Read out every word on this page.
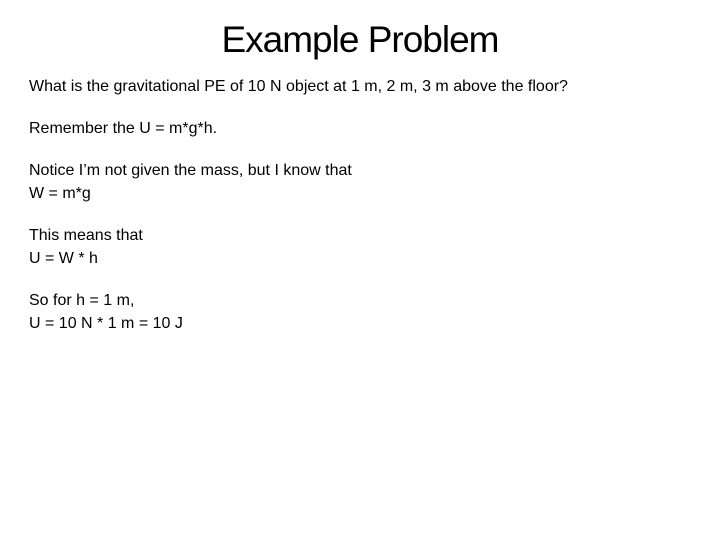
Example Problem
What is the gravitational PE of 10 N object at 1 m, 2 m, 3 m above the floor?
Remember the U = m*g*h.
Notice I’m not given the mass, but I know that
W = m*g
This means that
U = W * h
So for h = 1 m,
U = 10 N * 1 m = 10 J
